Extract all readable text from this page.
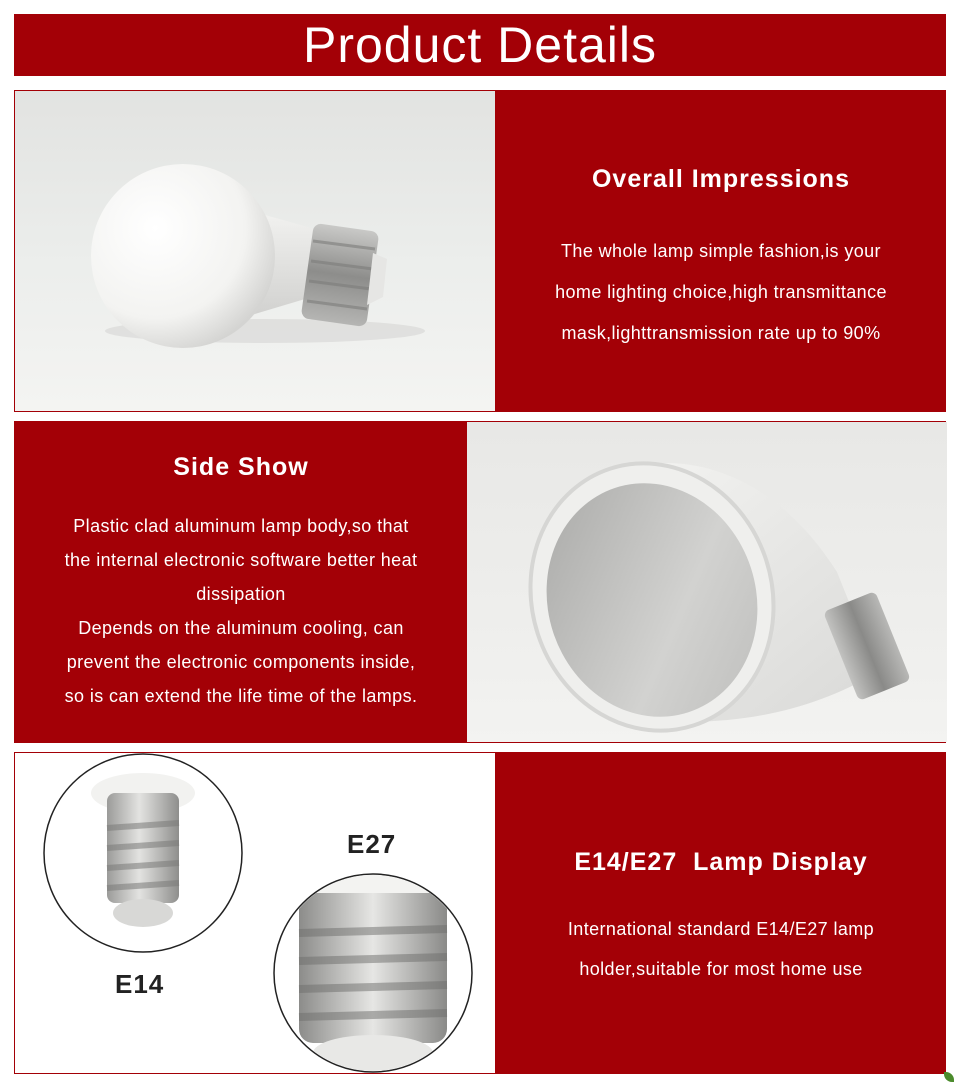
Product Details
Overall Impressions
The whole lamp simple fashion,is your
home lighting choice,high transmittance
mask,lighttransmission rate up to 90%
Side Show
Plastic clad aluminum lamp body,so that
the internal electronic software better heat
dissipation
Depends on the aluminum cooling, can
prevent the electronic components inside,
so is can extend the life time of the lamps.
E27
E14
E14/E27  Lamp Display
International standard E14/E27 lamp
holder,suitable for most home use
